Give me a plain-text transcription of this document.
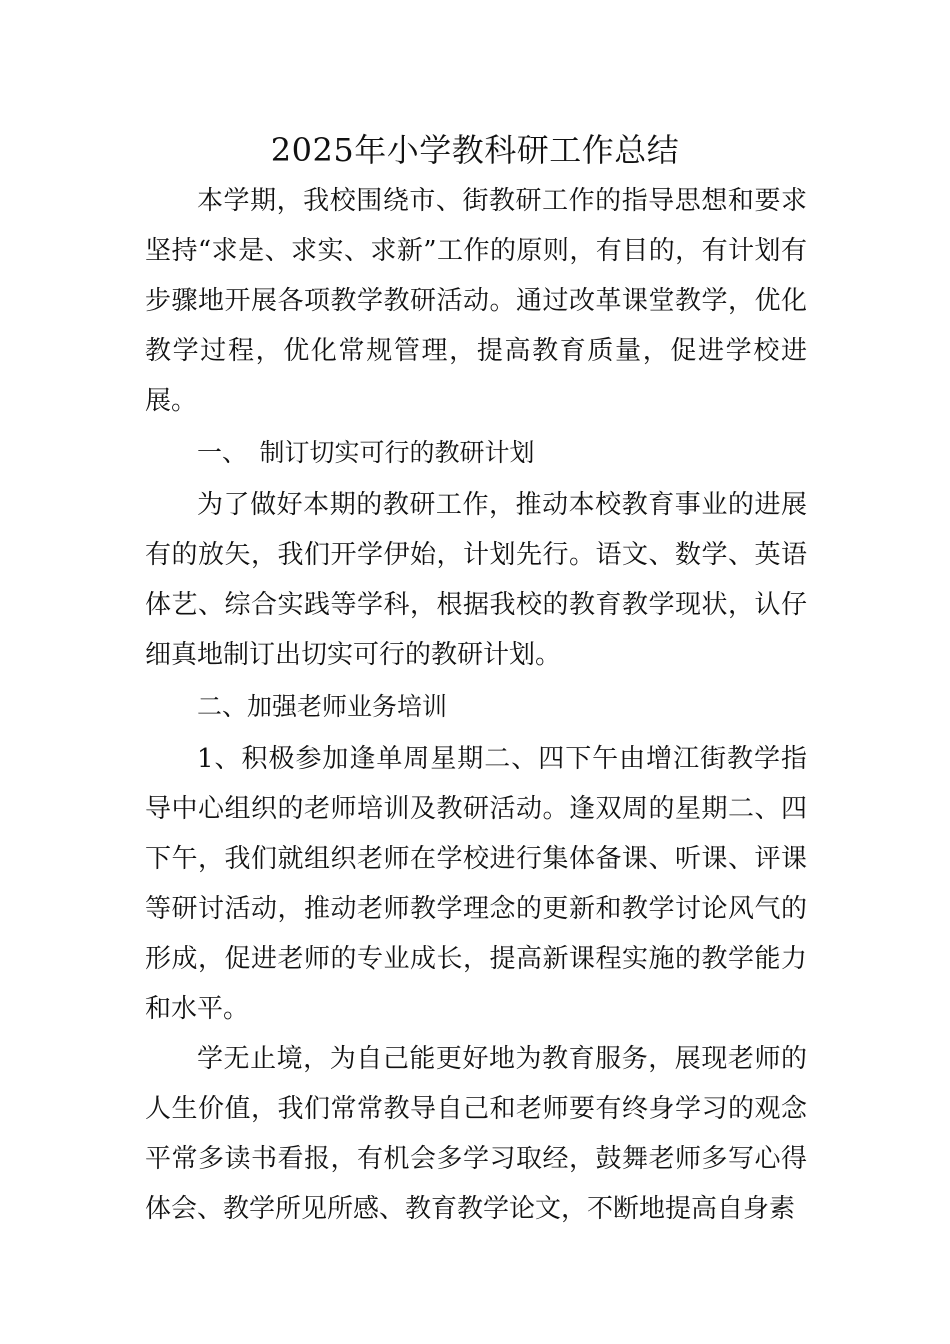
2025年小学教科研工作总结

本学期，我校围绕市、街教研工作的指导思想和要求坚持“求是、求实、求新”工作的原则，有目的，有计划有步骤地开展各项教学教研活动。通过改革课堂教学，优化教学过程，优化常规管理，提高教育质量，促进学校进展。

一、　制订切实可行的教研计划

为了做好本期的教研工作，推动本校教育事业的进展有的放矢，我们开学伊始，计划先行。语文、数学、英语体艺、综合实践等学科，根据我校的教育教学现状，认仔细真地制订出切实可行的教研计划。

二、加强老师业务培训

1、积极参加逢单周星期二、四下午由增江街教学指导中心组织的老师培训及教研活动。逢双周的星期二、四下午，我们就组织老师在学校进行集体备课、听课、评课等研讨活动，推动老师教学理念的更新和教学讨论风气的形成，促进老师的专业成长，提高新课程实施的教学能力和水平。

学无止境，为自己能更好地为教育服务，展现老师的人生价值，我们常常教导自己和老师要有终身学习的观念平常多读书看报，有机会多学习取经，鼓舞老师多写心得体会、教学所见所感、教育教学论文，不断地提高自身素
